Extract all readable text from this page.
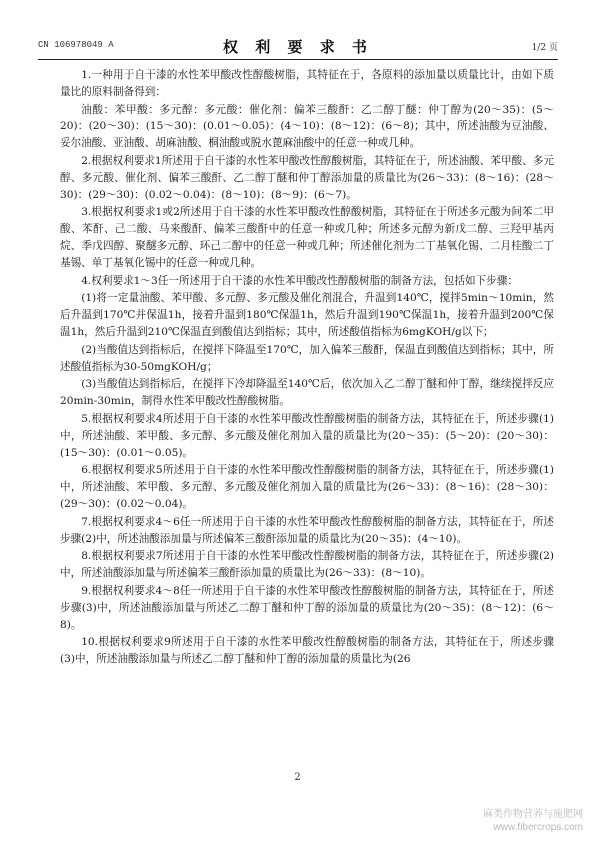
CN 106978049 A	权 利 要 求 书	1/2 页

1.一种用于自干漆的水性苯甲酸改性醇酸树脂，其特征在于，各原料的添加量以质量比计，由如下质量比的原料制备得到：

油酸：苯甲酸：多元醇：多元酸：催化剂：偏苯三酸酐：乙二醇丁醚：仲丁醇为(20～35)：(5～20)：(20～30)：(15～30)：(0.01～0.05)：(4～10)：(8～12)：(6～8)；其中，所述油酸为豆油酸、妥尔油酸、亚油酸、胡麻油酸、桐油酸或脱水蓖麻油酸中的任意一种或几种。

2.根据权利要求1所述用于自干漆的水性苯甲酸改性醇酸树脂，其特征在于，所述油酸、苯甲酸、多元醇、多元酸、催化剂、偏苯三酸酐、乙二醇丁醚和仲丁醇添加量的质量比为(26～33)：(8～16)：(28～30)：(29～30)：(0.02～0.04)：(8～10)：(8～9)：(6～7)。

3.根据权利要求1或2所述用于自干漆的水性苯甲酸改性醇酸树脂，其特征在于所述多元酸为间苯二甲酸、苯酐、己二酸、马来酸酐、偏苯三酸酐中的任意一种或几种；所述多元醇为新戊二醇、三羟甲基丙烷、季戊四醇、聚醚多元醇、环己二醇中的任意一种或几种；所述催化剂为二丁基氧化锡、二月桂酸二丁基锡、单丁基氧化锡中的任意一种或几种。

4.权利要求1～3任一所述用于自干漆的水性苯甲酸改性醇酸树脂的制备方法，包括如下步骤：

(1)将一定量油酸、苯甲酸、多元醇、多元酸及催化剂混合，升温到140℃，搅拌5min～10min，然后升温到170℃并保温1h，接着升温到180℃保温1h，然后升温到190℃保温1h，接着升温到200℃保温1h，然后升温到210℃保温直到酸值达到指标；其中，所述酸值指标为6mgKOH/g以下；

(2)当酸值达到指标后，在搅拌下降温至170℃，加入偏苯三酸酐，保温直到酸值达到指标；其中，所述酸值指标为30-50mgKOH/g；

(3)当酸值达到指标后，在搅拌下冷却降温至140℃后，依次加入乙二醇丁醚和仲丁醇，继续搅拌反应20min-30min，制得水性苯甲酸改性醇酸树脂。

5.根据权利要求4所述用于自干漆的水性苯甲酸改性醇酸树脂的制备方法，其特征在于，所述步骤(1)中，所述油酸、苯甲酸、多元醇、多元酸及催化剂加入量的质量比为(20～35)：(5～20)：(20～30)：(15～30)：(0.01～0.05)。

6.根据权利要求5所述用于自干漆的水性苯甲酸改性醇酸树脂的制备方法，其特征在于，所述步骤(1)中，所述油酸、苯甲酸、多元醇、多元酸及催化剂加入量的质量比为(26～33)：(8～16)：(28～30)：(29～30)：(0.02～0.04)。

7.根据权利要求4～6任一所述用于自干漆的水性苯甲酸改性醇酸树脂的制备方法，其特征在于，所述步骤(2)中，所述油酸添加量与所述偏苯三酸酐添加量的质量比为(20～35)：(4～10)。

8.根据权利要求7所述用于自干漆的水性苯甲酸改性醇酸树脂的制备方法，其特征在于，所述步骤(2)中，所述油酸添加量与所述偏苯三酸酐添加量的质量比为(26～33)：(8～10)。

9.根据权利要求4～8任一所述用于自干漆的水性苯甲酸改性醇酸树脂的制备方法，其特征在于，所述步骤(3)中，所述油酸添加量与所述乙二醇丁醚和仲丁醇的添加量的质量比为(20～35)：(8～12)：(6～8)。

10.根据权利要求9所述用于自干漆的水性苯甲酸改性醇酸树脂的制备方法，其特征在于，所述步骤(3)中，所述油酸添加量与所述乙二醇丁醚和仲丁醇的添加量的质量比为(26

2
麻类作物营养与施肥网
www.fibercrops.com
